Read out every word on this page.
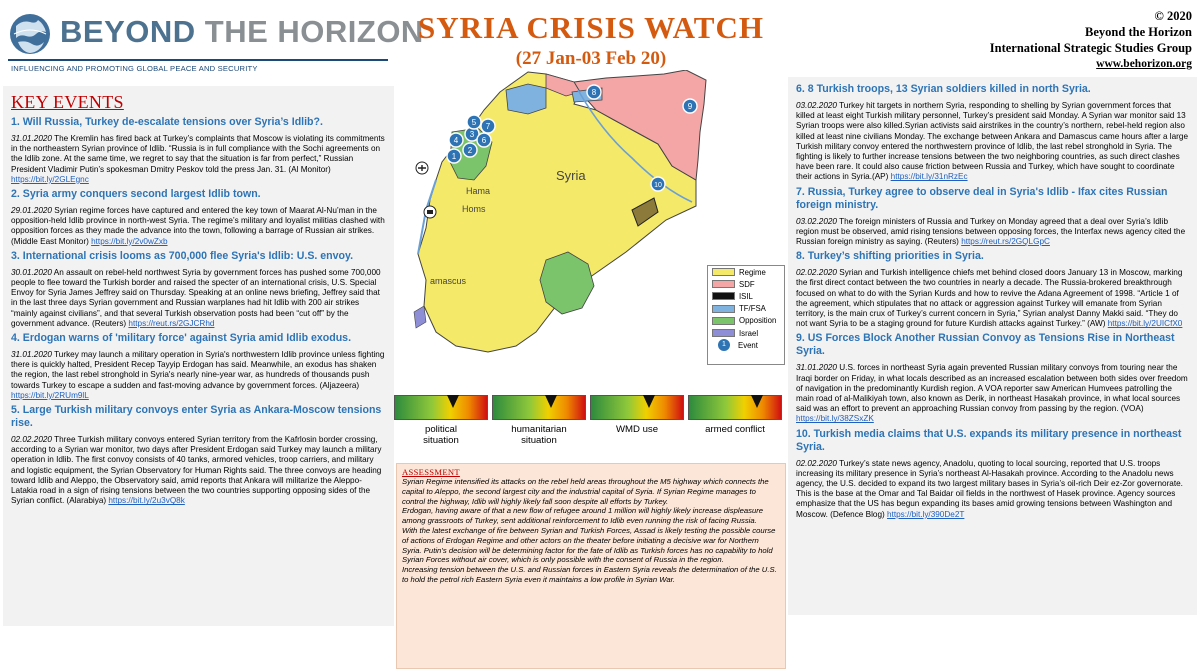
BEYOND THE HORIZON
INFLUENCING AND PROMOTING GLOBAL PEACE AND SECURITY
SYRIA CRISIS WATCH
(27 Jan-03 Feb 20)
© 2020
Beyond the Horizon
International Strategic Studies Group
www.behorizon.org
KEY EVENTS
1. Will Russia, Turkey de-escalate tensions over Syria’s Idlib?.

31.01.2020 The Kremlin has fired back at Turkey’s complaints that Moscow is violating its commitments in the northeastern Syrian province of Idlib. “Russia is in full compliance with the Sochi agreements on the Idlib zone. At the same time, we regret to say that the situation is far from perfect,” Russian President Vladimir Putin’s spokesman Dmitry Peskov told the press Jan. 31. (Al Monitor) https://bit.ly/2GLEgnc

2. Syria army conquers second largest Idlib town.

29.01.2020 Syrian regime forces have captured and entered the key town of Maarat Al-Nu’man in the opposition-held Idlib province in north-west Syria. The regime’s military and loyalist militias clashed with opposition forces as they made the advance into the town, following a barrage of Russian air strikes. (Middle East Monitor) https://bit.ly/2v0wZxb

3. International crisis looms as 700,000 flee Syria's Idlib: U.S. envoy.

30.01.2020 An assault on rebel-held northwest Syria by government forces has pushed some 700,000 people to flee toward the Turkish border and raised the specter of an international crisis, U.S. Special Envoy for Syria James Jeffrey said on Thursday. Speaking at an online news briefing, Jeffrey said that in the last three days Syrian government and Russian warplanes had hit Idlib with 200 air strikes “mainly against civilians”, and that several Turkish observation posts had been “cut off” by the government advance. (Reuters) https://reut.rs/2GJCRhd

4. Erdogan warns of 'military force' against Syria amid Idlib exodus.

31.01.2020 Turkey may launch a military operation in Syria's northwestern Idlib province unless fighting there is quickly halted, President Recep Tayyip Erdogan has said. Meanwhile, an exodus has shaken the region, the last rebel stronghold in Syria's nearly nine-year war, as hundreds of thousands push towards Turkey to escape a sudden and fast-moving advance by government forces. (Aljazeera) https://bit.ly/2RUm9lL

5. Large Turkish military convoys enter Syria as Ankara-Moscow tensions rise.

02.02.2020 Three Turkish military convoys entered Syrian territory from the Kafrlosin border crossing, according to a Syrian war monitor, two days after President Erdogan said Turkey may launch a military operation in Idlib. The first convoy consists of 40 tanks, armored vehicles, troop carriers, and military and logistic equipment, the Syrian Observatory for Human Rights said. The three convoys are heading toward Idlib and Aleppo, the Observatory said, amid reports that Ankara will militarize the Aleppo-Latakia road in a sign of rising tensions between the two countries supporting opposing sides of the Syrian conflict. (Alarabiya) https://bit.ly/2u3vQ8k

Hama
Homs
amascus
Syria
1
2
3
4
5
6
7
8
9
10
Regime
SDF
ISIL
TF/FSA
Opposition
Israel
1	Event
political
situation
humanitarian
situation
WMD use	armed conflict
ASSESSMENT

Syrian Regime intensified its attacks on the rebel held areas throughout the M5 highway which connects the capital to Aleppo, the second largest city and the industrial capital of Syria. If Syrian Regime manages to control the highway, Idlib will highly likely fall soon despite all efforts by Turkey.

Erdogan, having aware of that a new flow of refugee around 1 million will highly likely increase displeasure among grassroots of Turkey, sent additional reinforcement to Idlib even running the risk of facing Russia.

With the latest exchange of fire between Syrian and Turkish Forces, Assad is likely testing the possible course of actions of Erdogan Regime and other actors on the theater before initiating a decisive war for Northern Syria. Putin’s decision will be determining factor for the fate of Idlib as Turkish forces has no capability to hold Syrian Forces without air cover, which is only possible with the consent of Russia in the region.

Increasing tension between the U.S. and Russian forces in Eastern Syria reveals the determination of the U.S. to hold the petrol rich Eastern Syria even it maintains a low profile in Syrian War.

6. 8 Turkish troops, 13 Syrian soldiers killed in north Syria.

03.02.2020 Turkey hit targets in northern Syria, responding to shelling by Syrian government forces that killed at least eight Turkish military personnel, Turkey’s president said Monday. A Syrian war monitor said 13 Syrian troops were also killed.Syrian activists said airstrikes in the country’s northern, rebel-held region also killed at least nine civilians Monday. The exchange between Ankara and Damascus came hours after a large Turkish military convoy entered the northwestern province of Idlib, the last rebel stronghold in Syria. The fighting is likely to further increase tensions between the two neighboring countries, as such direct clashes have been rare. It could also cause friction between Russia and Turkey, which have sought to coordinate their actions in Syria.(AP) https://bit.ly/31nRzEc

7. Russia, Turkey agree to observe deal in Syria's Idlib - Ifax cites Russian foreign ministry.

03.02.2020 The foreign ministers of Russia and Turkey on Monday agreed that a deal over Syria’s Idlib region must be observed, amid rising tensions between opposing forces, the Interfax news agency cited the Russian foreign ministry as saying. (Reuters) https://reut.rs/2GQLGpC

8. Turkey’s shifting priorities in Syria.

02.02.2020 Syrian and Turkish intelligence chiefs met behind closed doors January 13 in Moscow, marking the first direct contact between the two countries in nearly a decade. The Russia-brokered breakthrough focused on what to do with the Syrian Kurds and how to revive the Adana Agreement of 1998. “Article 1 of the agreement, which stipulates that no attack or aggression against Turkey will emanate from Syrian territory, is the main crux of Turkey’s current concern in Syria,” Syrian analyst Danny Makki said. “They do not want Syria to be a staging ground for future Kurdish attacks against Turkey.” (AW) https://bit.ly/2UICfX0

9. US Forces Block Another Russian Convoy as Tensions Rise in Northeast Syria.

31.01.2020 U.S. forces in northeast Syria again prevented Russian military convoys from touring near the Iraqi border on Friday, in what locals described as an increased escalation between both sides over freedom of navigation in the predominantly Kurdish region. A VOA reporter saw American Humvees patrolling the main road of al-Malikiyah town, also known as Derik, in northeast Hasakah province, in what local sources said was an effort to prevent an approaching Russian convoy from passing by the region. (VOA) https://bit.ly/38ZSxZK

10. Turkish media claims that U.S. expands its military presence in northeast Syria.

02.02.2020 Turkey’s state news agency, Anadolu, quoting to local sourcing, reported that U.S. troops increasing its military presence in Syria’s northeast Al-Hasakah province. According to the Anadolu news agency, the U.S. decided to expand its two largest military bases in Syria’s oil-rich Deir ez-Zor governorate. This is the base at the Omar and Tal Baidar oil fields in the northwest of Hasek province. Agency sources emphasize that the US has begun expanding its bases amid growing tensions between Washington and Moscow. (Defence Blog) https://bit.ly/390De2T
